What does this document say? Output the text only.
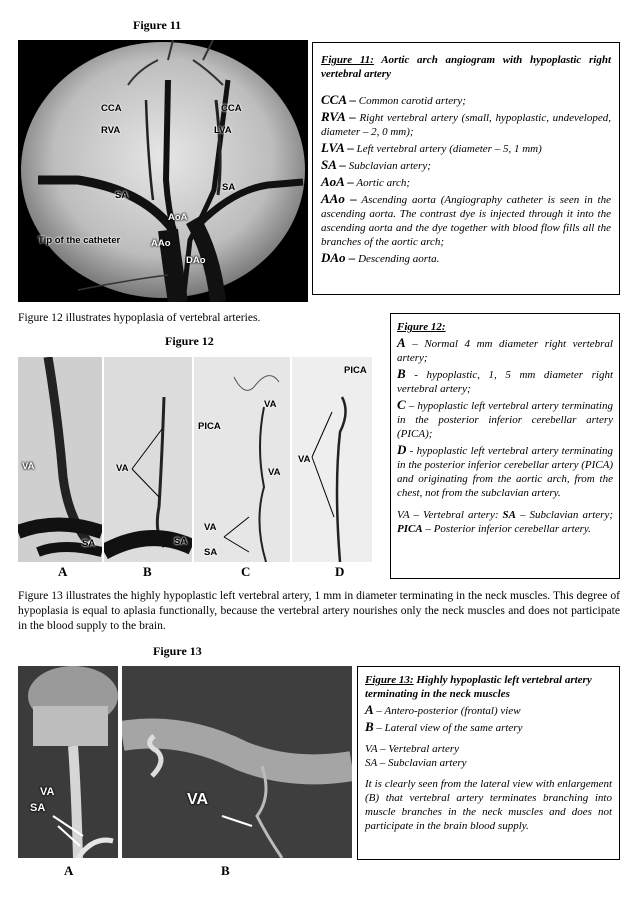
Figure 11
CCA	CCA
RVA	LVA
SA
SA
AoA
AAo
DAo
Tip of the catheter

Figure 11: Aortic arch angiogram with hypoplastic right vertebral artery

CCA – Common carotid artery;

RVA – Right vertebral artery (small, hypoplastic, undeveloped, diameter – 2, 0 mm);

LVA – Left vertebral artery (diameter – 5, 1 mm)

SA – Subclavian artery;

AoA – Aortic arch;

AAo – Ascending aorta (Angiography catheter is seen in the ascending aorta. The contrast dye is injected through it into the ascending aorta and the dye together with blood flow fills all the branches of the aortic arch;

DAo – Descending aorta.

Figure 12 illustrates hypoplasia of vertebral arteries.
Figure 12
VA
SA
VA
SA
VA
PICA
VA
VA
SA
PICA
VA
A	B	C	D

Figure 12:

A – Normal 4 mm diameter right vertebral artery;

B - hypoplastic, 1, 5 mm diameter right vertebral artery;

C – hypoplastic left vertebral artery terminating in the posterior inferior cerebellar artery (PICA);

D - hypoplastic left vertebral artery terminating in the posterior inferior cerebellar artery (PICA) and originating from the aortic arch, from the chest, not from the subclavian artery.

VA – Vertebral artery: SA – Subclavian artery; PICA – Posterior inferior cerebellar artery.

Figure 13 illustrates the highly hypoplastic left vertebral artery, 1 mm in diameter terminating in the neck muscles. This degree of hypoplasia is equal to aplasia functionally, because the vertebral artery nourishes only the neck muscles and does not participate in the blood supply to the brain.
Figure 13
VA
SA	VA
A	B

Figure 13: Highly hypoplastic left vertebral artery terminating in the neck muscles

A – Antero-posterior (frontal) view

B – Lateral view of the same artery

VA – Vertebral artery

SA – Subclavian artery

It is clearly seen from the lateral view with enlargement (B) that vertebral artery terminates branching into muscle branches in the neck muscles and does not participate in the brain blood supply.
